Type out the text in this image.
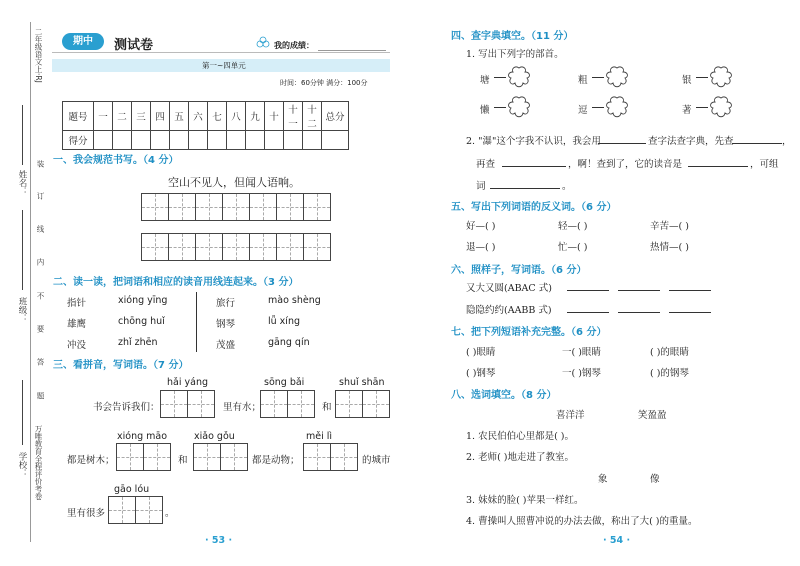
二年级语文上·RJ
万唯教育全程评价考卷
姓名：
班级：
学校：
装
订
线
内
不
要
答
题
期中	测试卷	我的成绩：
第一~四单元
时间：60分钟 满分：100分
题号	一	二	三	四	五	六	七	八	九	十	十一	十二	总分
得分													
一、我会规范书写。（4 分）
空山不见人，但闻人语响。
二、读一读，把词语和相应的读音用线连起来。（3 分）
指针
雄鹰
冲没
xióng yīng
chōng huǐ
zhǐ zhēn
旅行
钢琴
茂盛
mào shèng
lǚ xíng
gāng qín
三、看拼音，写词语。（7 分）
hǎi yáng	sōng bǎi	shuǐ shān
书会告诉我们：	里有水；	和
xióng māo	xiǎo gǒu	měi lì
都是树木；	和	都是动物；	的城市
gāo lóu
里有很多	。
· 53 ·
四、查字典填空。（11 分）
1. 写出下列字的部首。
塘	粗	银
懒	逗	著
2. "瀑"这个字我不认识，我会用	查字法查字典，先查	，
再查	，啊！查到了，它的读音是	，可组
词	。
五、写出下列词语的反义词。（6 分）
好—( )	轻—( )	辛苦—( )
退—( )	忙—( )	热情—( )
六、照样子，写词语。（6 分）
又大又圆(ABAC 式)
隐隐约约(AABB 式)
七、把下列短语补充完整。（6 分）
( )眼睛	一( )眼睛	( )的眼睛
( )钢琴	一( )钢琴	( )的钢琴
八、选词填空。（8 分）
喜洋洋	笑盈盈
1. 农民伯伯心里都是( )。
2. 老师( )地走进了教室。
象	像
3. 妹妹的脸( )苹果一样红。
4. 曹操叫人照曹冲说的办法去做，称出了大( )的重量。
· 54 ·
